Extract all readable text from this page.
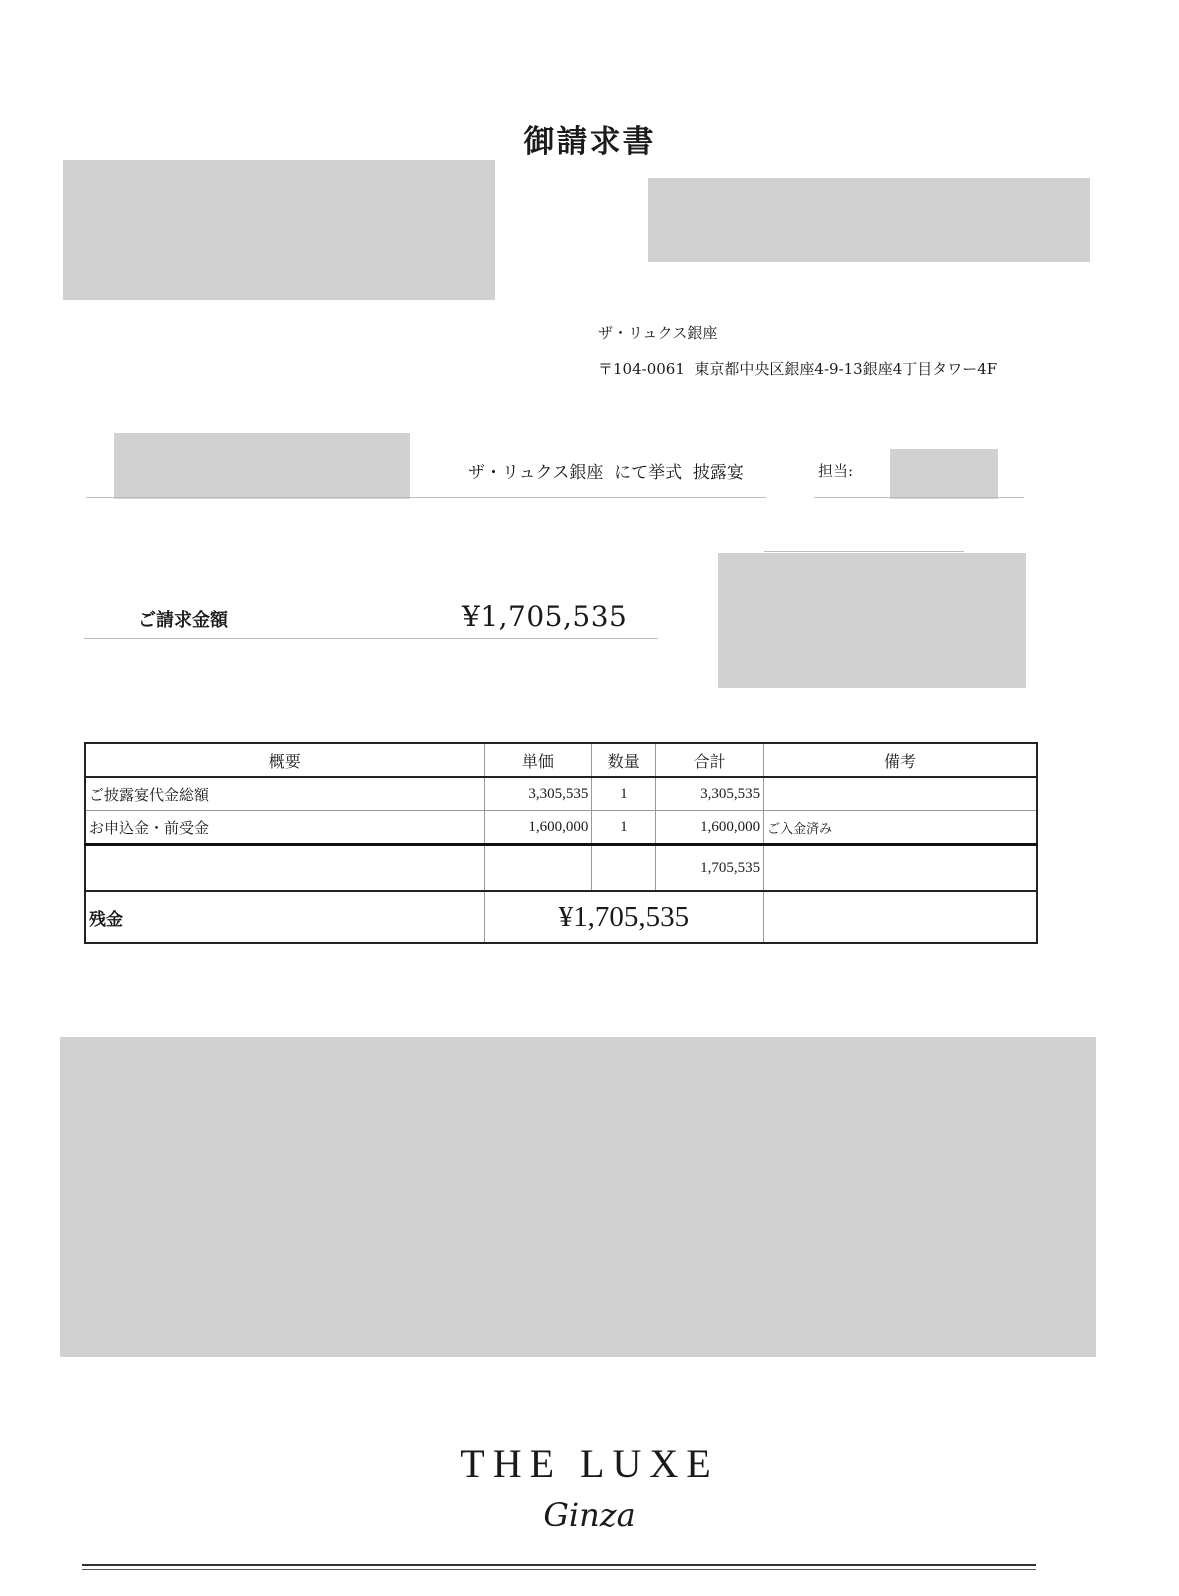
御請求書
ザ・リュクス銀座
〒104-0061  東京都中央区銀座4-9-13銀座4丁目タワー4F
ザ・リュクス銀座  にて挙式  披露宴	担当:
ご請求金額	¥1,705,535
概要	単価	数量	合計	備考
ご披露宴代金総額	3,305,535	1	3,305,535	
お申込金・前受金	1,600,000	1	1,600,000	ご入金済み
			1,705,535	
残金	¥1,705,535			
THE LUXE
Ginza
